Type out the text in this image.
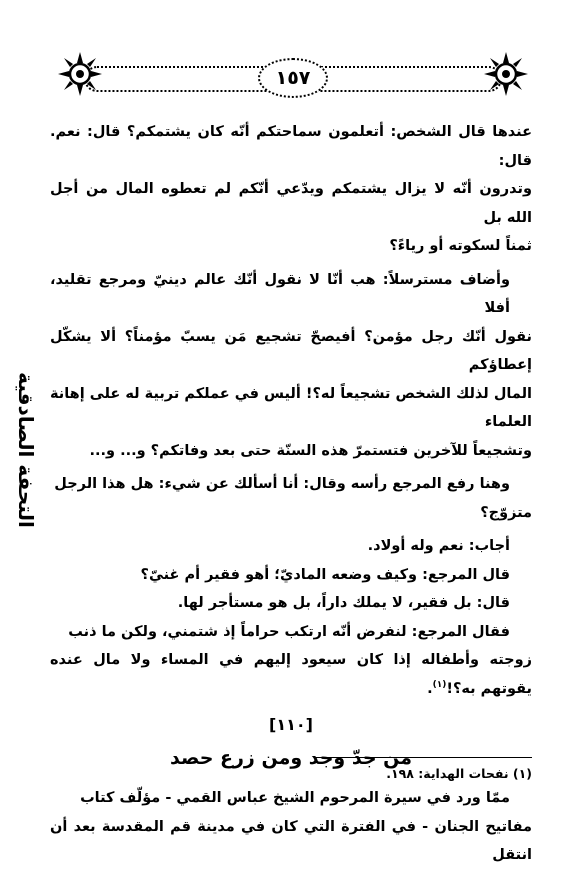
١٥٧
التحفة الصادقية

عندها قال الشخص: أتعلمون سماحتكم أنّه كان يشتمكم؟ قال: نعم. قال:
وتدرون أنّه لا يزال يشتمكم ويدّعي أنّكم لم تعطوه المال من أجل الله بل
ثمناً لسكوته أو رياءً؟

وأضاف مسترسلاً: هب أنّا لا نقول أنّك عالم دينيّ ومرجع تقليد، أفلا
نقول أنّك رجل مؤمن؟ أفيصحّ تشجيع مَن يسبّ مؤمناً؟ ألا يشكّل إعطاؤكم
المال لذلك الشخص تشجيعاً له؟! أليس في عملكم تربية له على إهانة العلماء
وتشجيعاً للآخرين فتستمرّ هذه السنّة حتى بعد وفاتكم؟ و... و...

وهنا رفع المرجع رأسه وقال: أنا أسألك عن شيء: هل هذا الرجل
متزوّج؟

أجاب: نعم وله أولاد.

قال المرجع: وكيف وضعه الماديّ؛ أهو فقير أم غنيّ؟

قال: بل فقير، لا يملك داراً، بل هو مستأجر لها.

فقال المرجع: لنفرض أنّه ارتكب حراماً إذ شتمني، ولكن ما ذنب
زوجته وأطفاله إذا كان سيعود إليهم في المساء ولا مال عنده يقوتهم به؟!$^{(١)}$.

[١١٠]
من جدّ وجد ومن زرع حصد

ممّا ورد في سيرة المرحوم الشيخ عباس القمي - مؤلّف كتاب
مفاتيح الجنان - في الفترة التي كان في مدينة قم المقدسة بعد أن انتقل

(١) نفحات الهداية: ١٩٨.
